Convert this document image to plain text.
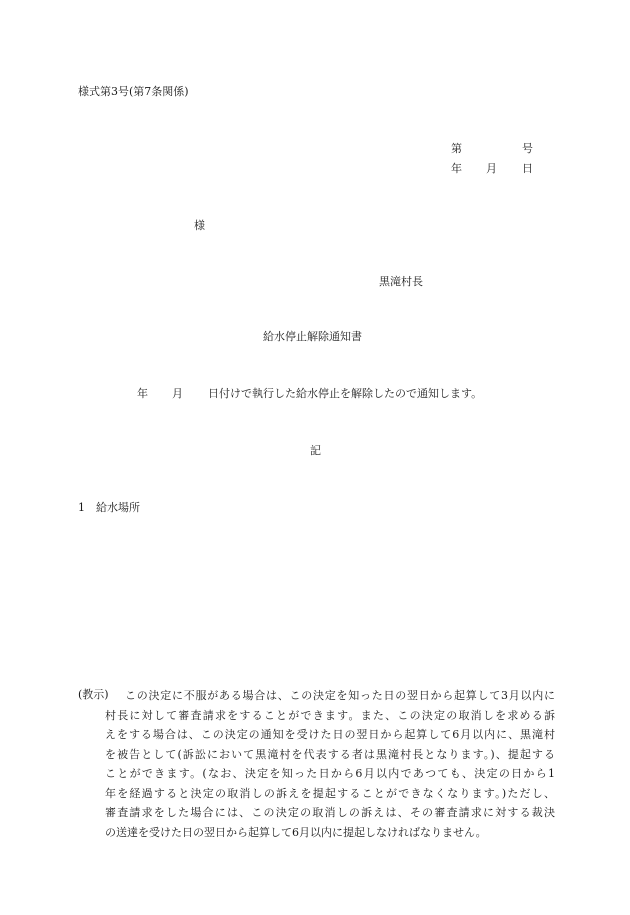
様式第3号(第7条関係)
第	号
年 月 日
様
黒滝村長
給水停止解除通知書
年 月 日付けで執行した給水停止を解除したので通知します。
記
1 給水場所
(教示) この決定に不服がある場合は、この決定を知った日の翌日から起算して3月以内に
村長に対して審査請求をすることができます。また、この決定の取消しを求める訴
えをする場合は、この決定の通知を受けた日の翌日から起算して6月以内に、黒滝村
を被告として(訴訟において黒滝村を代表する者は黒滝村長となります。)、提起する
ことができます。(なお、決定を知った日から6月以内であつても、決定の日から1
年を経過すると決定の取消しの訴えを提起することができなくなります。)ただし、
審査請求をした場合には、この決定の取消しの訴えは、その審査請求に対する裁決
の送達を受けた日の翌日から起算して6月以内に提起しなければなりません。
